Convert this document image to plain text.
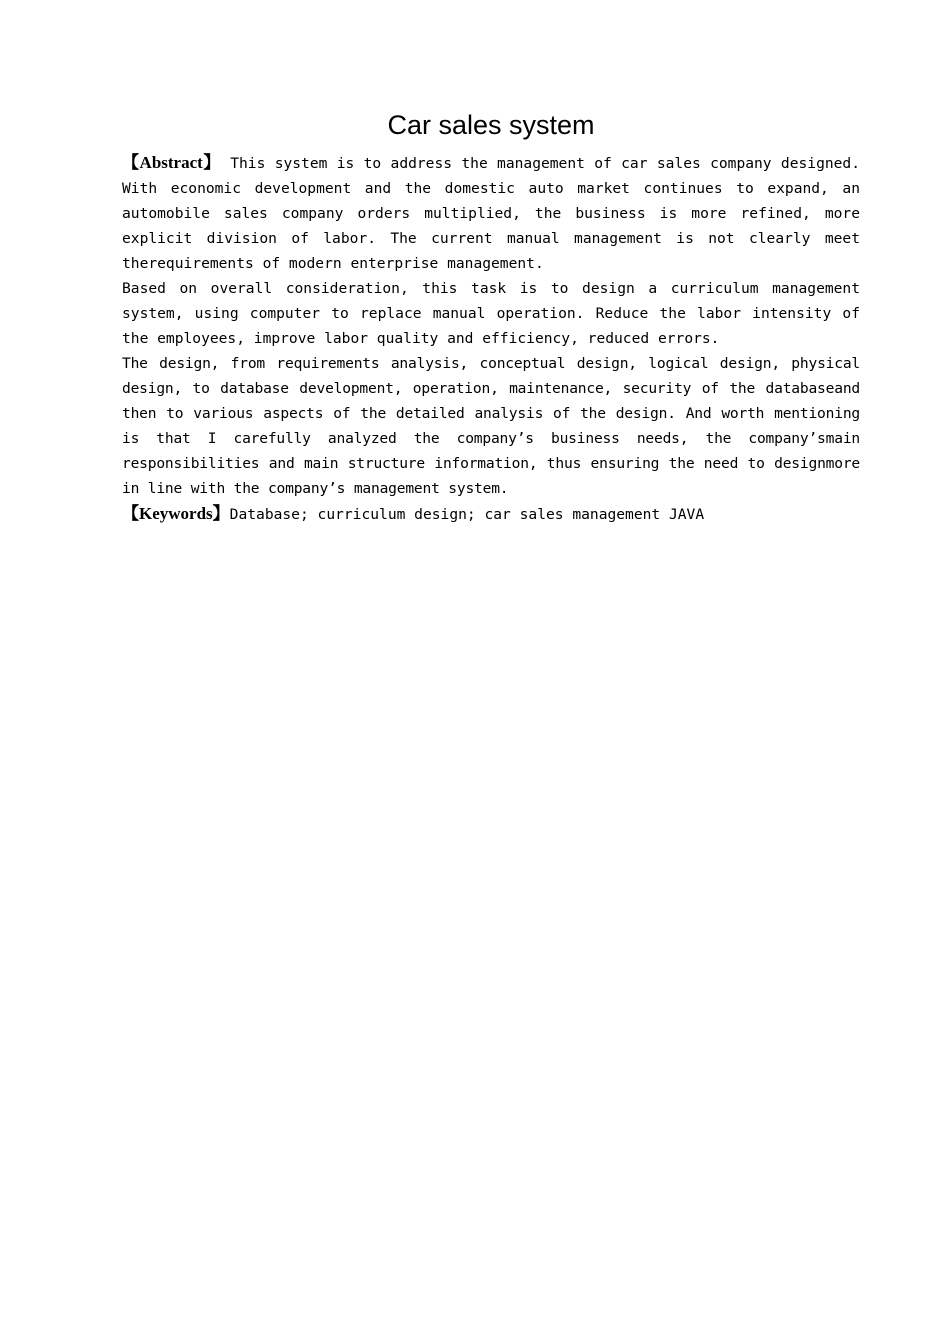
Car sales system

【Abstract】 This system is to address the management of car sales company designed. With economic development and the domestic auto market continues to expand, an automobile sales company orders multiplied, the business is more refined, more explicit division of labor. The current manual management is not clearly meet therequirements of modern enterprise management.

Based on overall consideration, this task is to design a curriculum management system, using computer to replace manual operation. Reduce the labor intensity of the employees, improve labor quality and efficiency, reduced errors.

The design, from requirements analysis, conceptual design, logical design, physical design, to database development, operation, maintenance, security of the databaseand then to various aspects of the detailed analysis of the design. And worth mentioning is that I carefully analyzed the company’s business needs, the company’smain responsibilities and main structure information, thus ensuring the need to designmore in line with the company’s management system.

【Keywords】Database; curriculum design; car sales management JAVA
